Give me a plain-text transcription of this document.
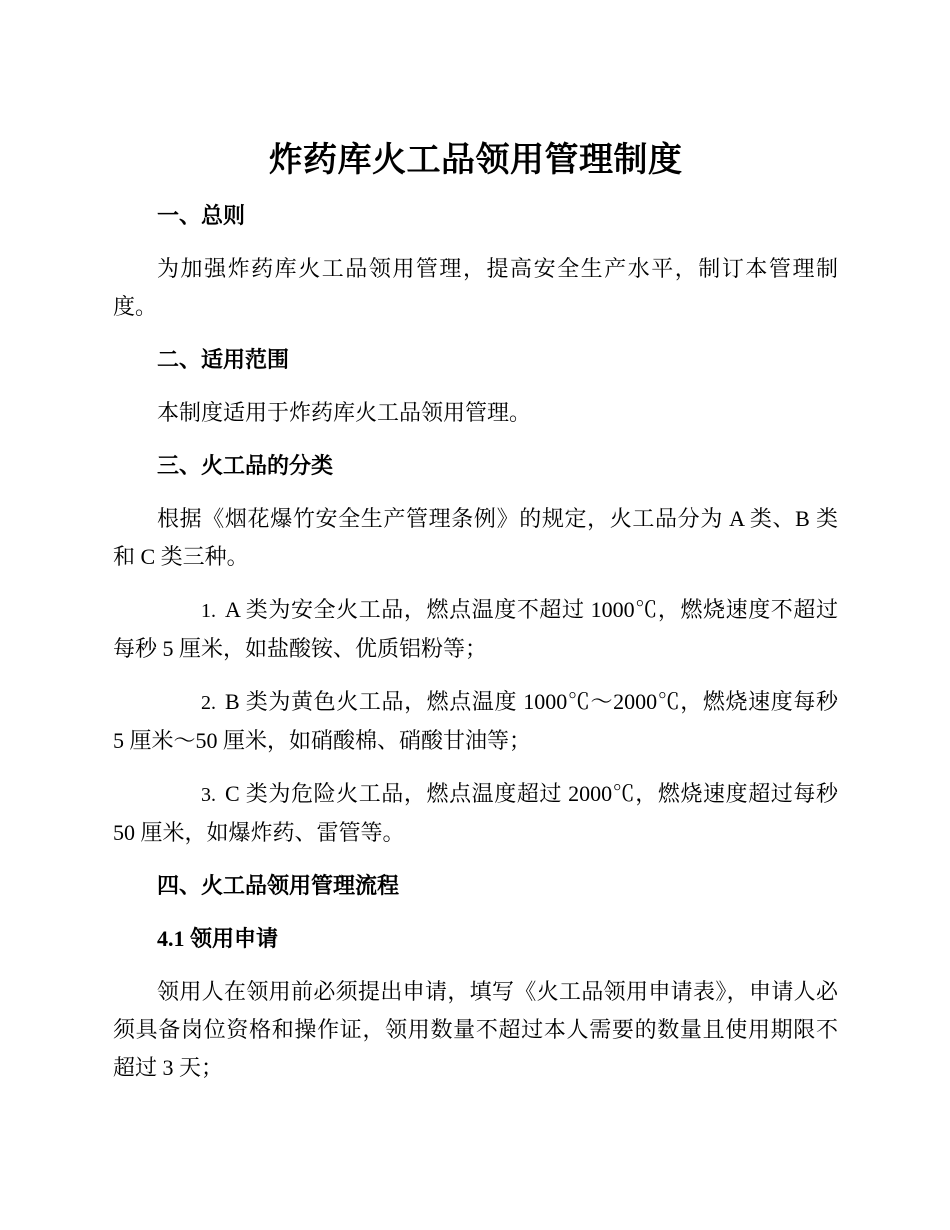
炸药库火工品领用管理制度
一、总则

为加强炸药库火工品领用管理，提高安全生产水平，制订本管理制度。

二、适用范围

本制度适用于炸药库火工品领用管理。

三、火工品的分类

根据《烟花爆竹安全生产管理条例》的规定，火工品分为 A 类、B 类和 C 类三种。

1. A 类为安全火工品，燃点温度不超过 1000℃，燃烧速度不超过每秒 5 厘米，如盐酸铵、优质铝粉等；

2. B 类为黄色火工品，燃点温度 1000℃～2000℃，燃烧速度每秒 5 厘米～50 厘米，如硝酸棉、硝酸甘油等；

3. C 类为危险火工品，燃点温度超过 2000℃，燃烧速度超过每秒 50 厘米，如爆炸药、雷管等。

四、火工品领用管理流程
4.1 领用申请

领用人在领用前必须提出申请，填写《火工品领用申请表》，申请人必须具备岗位资格和操作证，领用数量不超过本人需要的数量且使用期限不超过 3 天；
